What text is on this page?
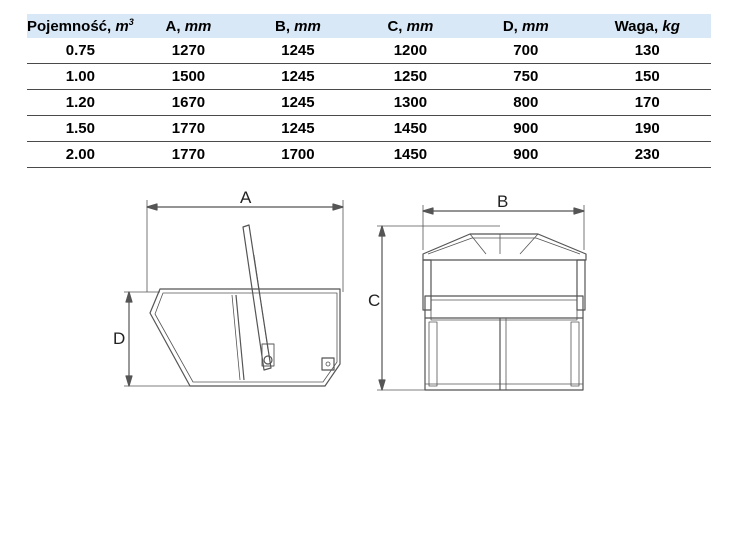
Pojemność, $m^3$	A, mm	B, mm	C, mm	D, mm	Waga, kg
0.75	1270	1245	1200	700	130
1.00	1500	1245	1250	750	150
1.20	1670	1245	1300	800	170
1.50	1770	1245	1450	900	190
2.00	1770	1700	1450	900	230
A	B
C
D
